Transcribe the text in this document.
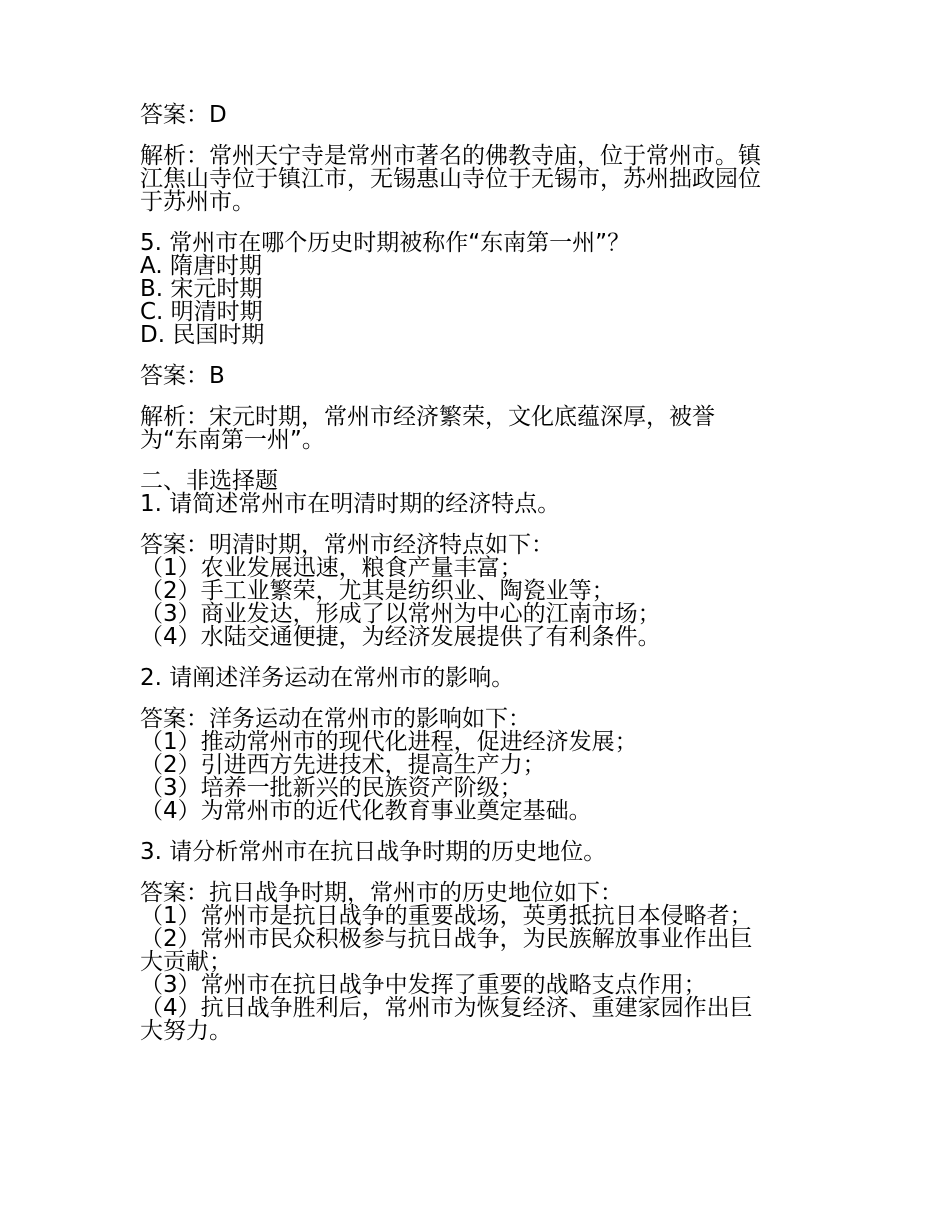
答案：D
解析：常州天宁寺是常州市著名的佛教寺庙，位于常州市。镇
江焦山寺位于镇江市，无锡惠山寺位于无锡市，苏州拙政园位
于苏州市。
5. 常州市在哪个历史时期被称作“东南第一州”？
A. 隋唐时期
B. 宋元时期
C. 明清时期
D. 民国时期
答案：B
解析：宋元时期，常州市经济繁荣，文化底蕴深厚，被誉
为“东南第一州”。
二、非选择题
1. 请简述常州市在明清时期的经济特点。
答案：明清时期，常州市经济特点如下：
（1）农业发展迅速，粮食产量丰富；
（2）手工业繁荣，尤其是纺织业、陶瓷业等；
（3）商业发达，形成了以常州为中心的江南市场；
（4）水陆交通便捷，为经济发展提供了有利条件。
2. 请阐述洋务运动在常州市的影响。
答案：洋务运动在常州市的影响如下：
（1）推动常州市的现代化进程，促进经济发展；
（2）引进西方先进技术，提高生产力；
（3）培养一批新兴的民族资产阶级；
（4）为常州市的近代化教育事业奠定基础。
3. 请分析常州市在抗日战争时期的历史地位。
答案：抗日战争时期，常州市的历史地位如下：
（1）常州市是抗日战争的重要战场，英勇抵抗日本侵略者；
（2）常州市民众积极参与抗日战争，为民族解放事业作出巨
大贡献；
（3）常州市在抗日战争中发挥了重要的战略支点作用；
（4）抗日战争胜利后，常州市为恢复经济、重建家园作出巨
大努力。
